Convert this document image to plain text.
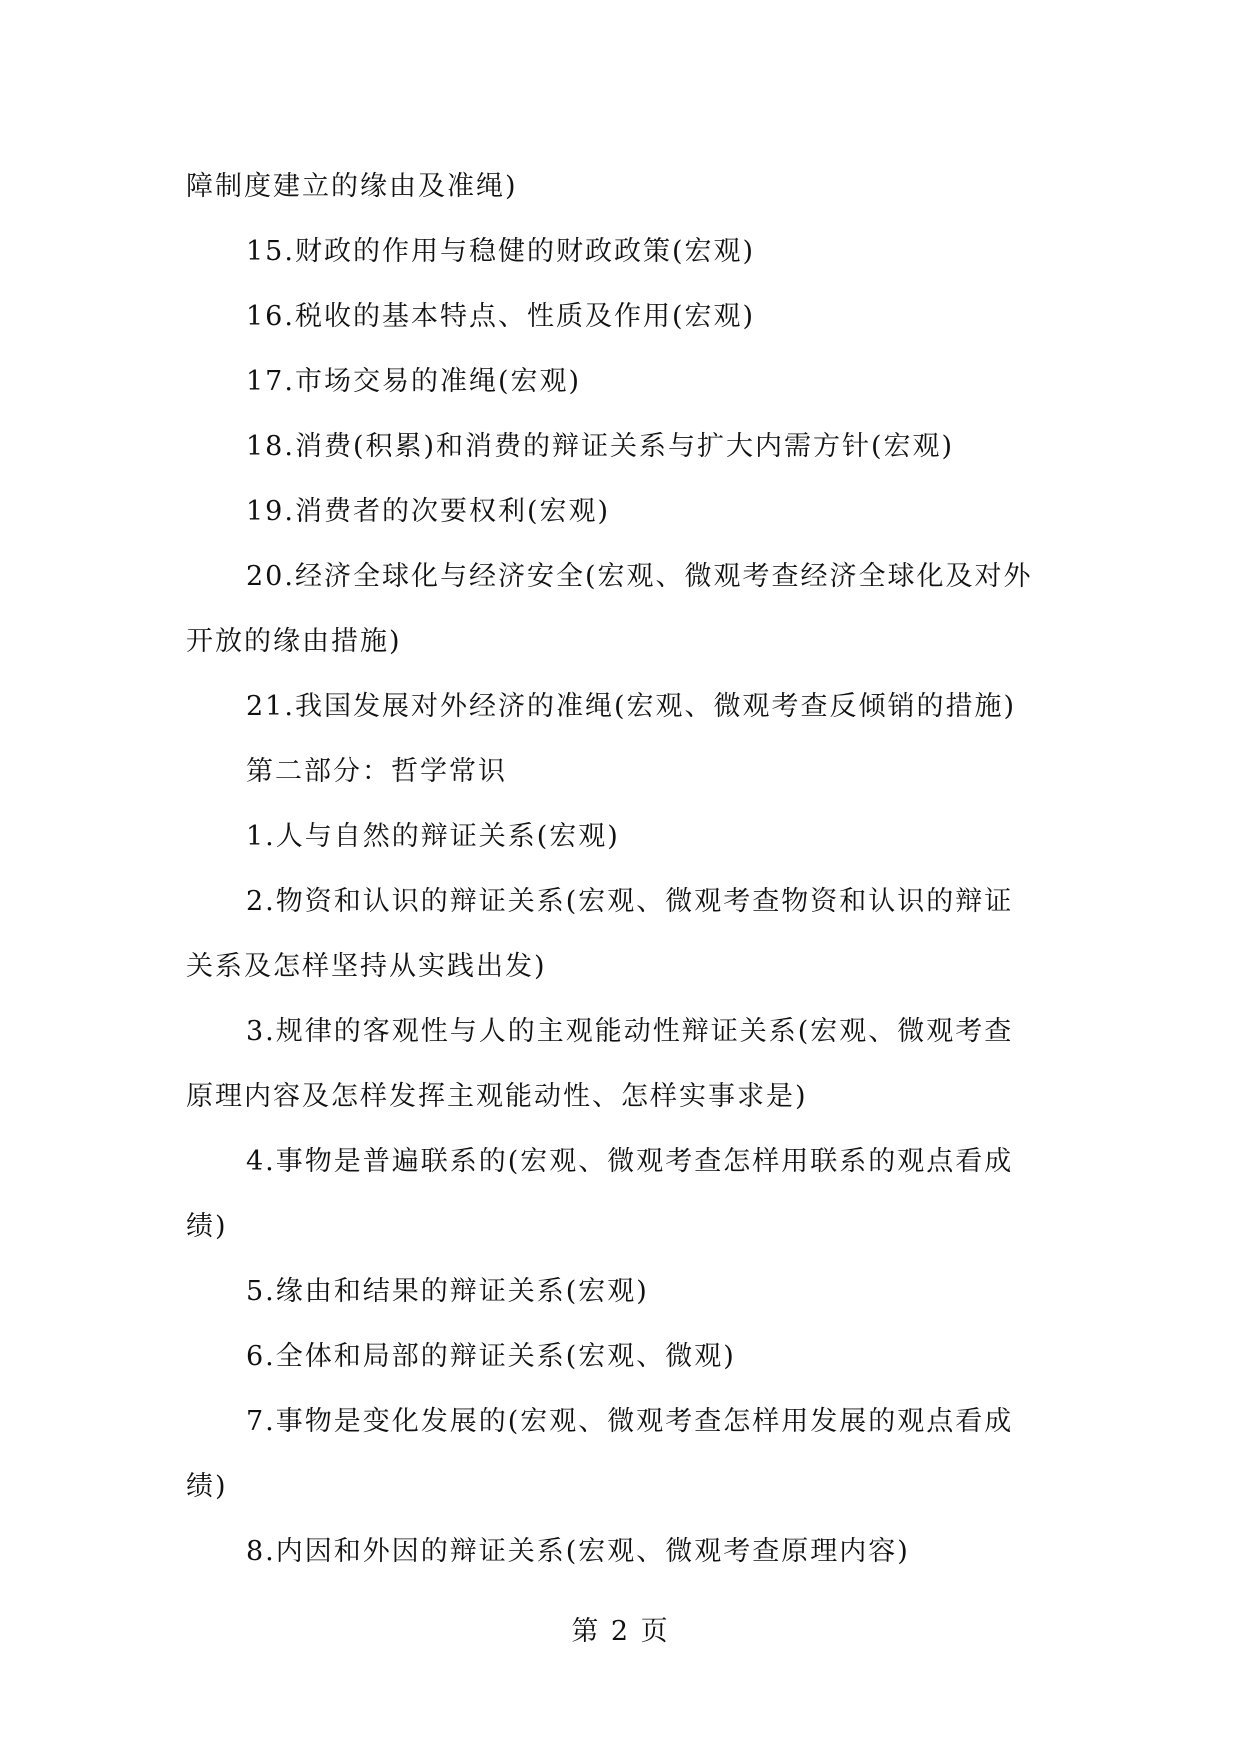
障制度建立的缘由及准绳)

15.财政的作用与稳健的财政政策(宏观)

16.税收的基本特点、性质及作用(宏观)

17.市场交易的准绳(宏观)

18.消费(积累)和消费的辩证关系与扩大内需方针(宏观)

19.消费者的次要权利(宏观)

20.经济全球化与经济安全(宏观、微观考查经济全球化及对外

开放的缘由措施)

21.我国发展对外经济的准绳(宏观、微观考查反倾销的措施)

第二部分：哲学常识

1.人与自然的辩证关系(宏观)

2.物资和认识的辩证关系(宏观、微观考查物资和认识的辩证

关系及怎样坚持从实践出发)

3.规律的客观性与人的主观能动性辩证关系(宏观、微观考查

原理内容及怎样发挥主观能动性、怎样实事求是)

4.事物是普遍联系的(宏观、微观考查怎样用联系的观点看成

绩)

5.缘由和结果的辩证关系(宏观)

6.全体和局部的辩证关系(宏观、微观)

7.事物是变化发展的(宏观、微观考查怎样用发展的观点看成

绩)

8.内因和外因的辩证关系(宏观、微观考查原理内容)

第 2 页
